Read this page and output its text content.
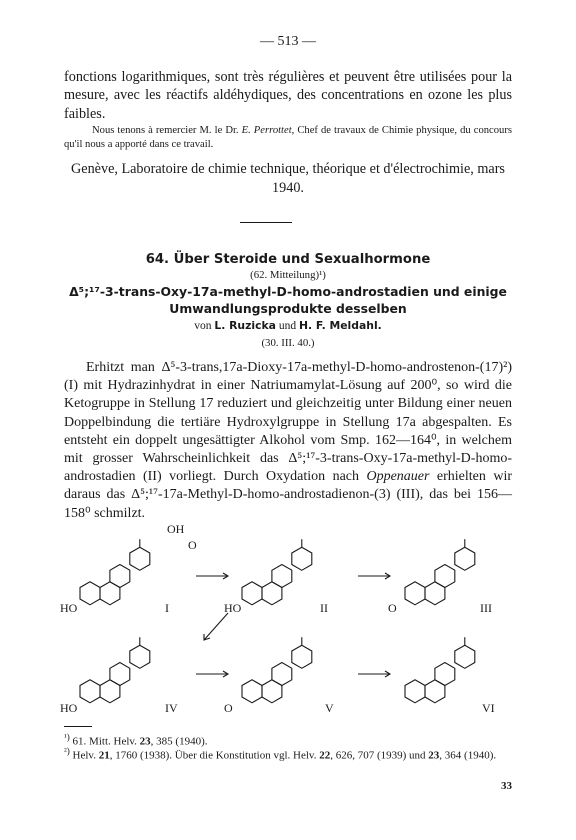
— 513 —
fonctions logarithmiques, sont très régulières et peuvent être utilisées pour la mesure, avec les réactifs aldéhydiques, des concentrations en ozone les plus faibles.
Nous tenons à remercier M. le Dr. E. Perrottet, Chef de travaux de Chimie physique, du concours qu'il nous a apporté dans ce travail.
Genève, Laboratoire de chimie technique, théorique et d'électrochimie, mars 1940.
64. Über Steroide und Sexualhormone
(62. Mitteilung)¹)
Δ⁵;¹⁷-3-trans-Oxy-17a-methyl-D-homo-androstadien und einige
Umwandlungsprodukte desselben
von L. Ruzicka und H. F. Meldahl.
(30. III. 40.)
Erhitzt man Δ⁵-3-trans,17a-Dioxy-17a-methyl-D-homo-androstenon-(17)²) (I) mit Hydrazinhydrat in einer Natriumamylat-Lösung auf 200⁰, so wird die Ketogruppe in Stellung 17 reduziert und gleichzeitig unter Bildung einer neuen Doppelbindung die tertiäre Hydroxylgruppe in Stellung 17a abgespalten. Es entsteht ein doppelt ungesättigter Alkohol vom Smp. 162—164⁰, in welchem mit grosser Wahrscheinlichkeit das Δ⁵;¹⁷-3-trans-Oxy-17a-methyl-D-homo-androstadien (II) vorliegt. Durch Oxydation nach Oppenauer erhielten wir daraus das Δ⁵;¹⁷-17a-Methyl-D-homo-androstadienon-(3) (III), das bei 156—158⁰ schmilzt.
HO
OH
O
I	HO	II	O	III
HO	IV	O	V	VI
$^{^1)}$ 61. Mitt. Helv. 23, 385 (1940).
$^{^2)}$ Helv. 21, 1760 (1938). Über die Konstitution vgl. Helv. 22, 626, 707 (1939) und 23, 364 (1940).
33
